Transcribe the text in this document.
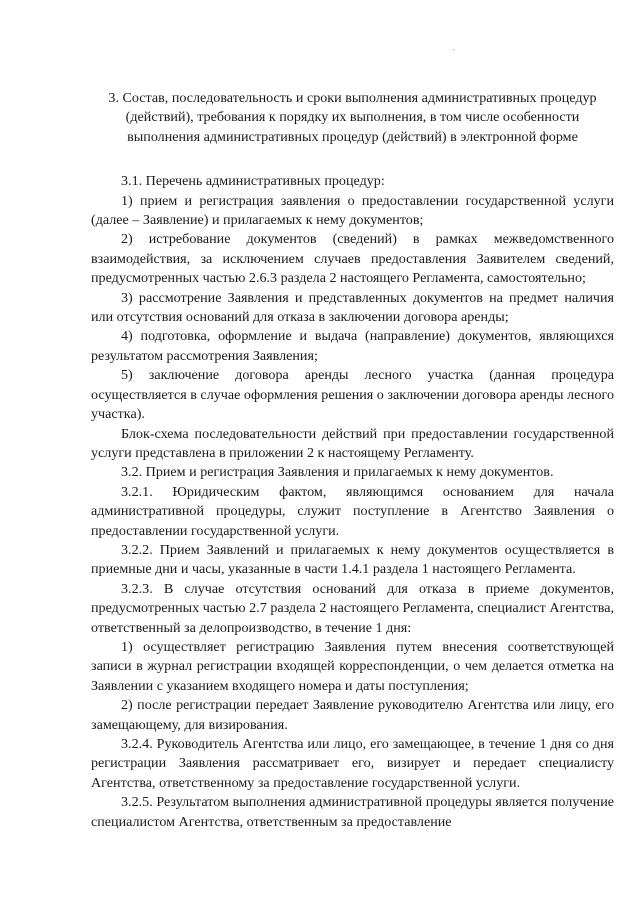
ˎ
3. Состав, последовательность и сроки выполнения административных процедур (действий), требования к порядку их выполнения, в том числе особенности выполнения административных процедур (действий) в электронной форме

3.1. Перечень административных процедур:

1) прием и регистрация заявления о предоставлении государственной услуги (далее – Заявление) и прилагаемых к нему документов;

2) истребование документов (сведений) в рамках межведомственного взаимодействия, за исключением случаев предоставления Заявителем сведений, предусмотренных частью 2.6.3 раздела 2 настоящего Регламента, самостоятельно;

3) рассмотрение Заявления и представленных документов на предмет наличия или отсутствия оснований для отказа в заключении договора аренды;

4) подготовка, оформление и выдача (направление) документов, являющихся результатом рассмотрения Заявления;

5) заключение договора аренды лесного участка (данная процедура осуществляется в случае оформления решения о заключении договора аренды лесного участка).

Блок-схема последовательности действий при предоставлении государственной услуги представлена в приложении 2 к настоящему Регламенту.

3.2. Прием и регистрация Заявления и прилагаемых к нему документов.

3.2.1. Юридическим фактом, являющимся основанием для начала административной процедуры, служит поступление в Агентство Заявления о предоставлении государственной услуги.

3.2.2. Прием Заявлений и прилагаемых к нему документов осуществляется в приемные дни и часы, указанные в части 1.4.1 раздела 1 настоящего Регламента.

3.2.3. В случае отсутствия оснований для отказа в приеме документов, предусмотренных частью 2.7 раздела 2 настоящего Регламента, специалист Агентства, ответственный за делопроизводство, в течение 1 дня:

1) осуществляет регистрацию Заявления путем внесения соответствующей записи в журнал регистрации входящей корреспонденции, о чем делается отметка на Заявлении с указанием входящего номера и даты поступления;

2) после регистрации передает Заявление руководителю Агентства или лицу, его замещающему, для визирования.

3.2.4. Руководитель Агентства или лицо, его замещающее, в течение 1 дня со дня регистрации Заявления рассматривает его, визирует и передает специалисту Агентства, ответственному за предоставление государственной услуги.

3.2.5. Результатом выполнения административной процедуры является получение специалистом Агентства, ответственным за предоставление
